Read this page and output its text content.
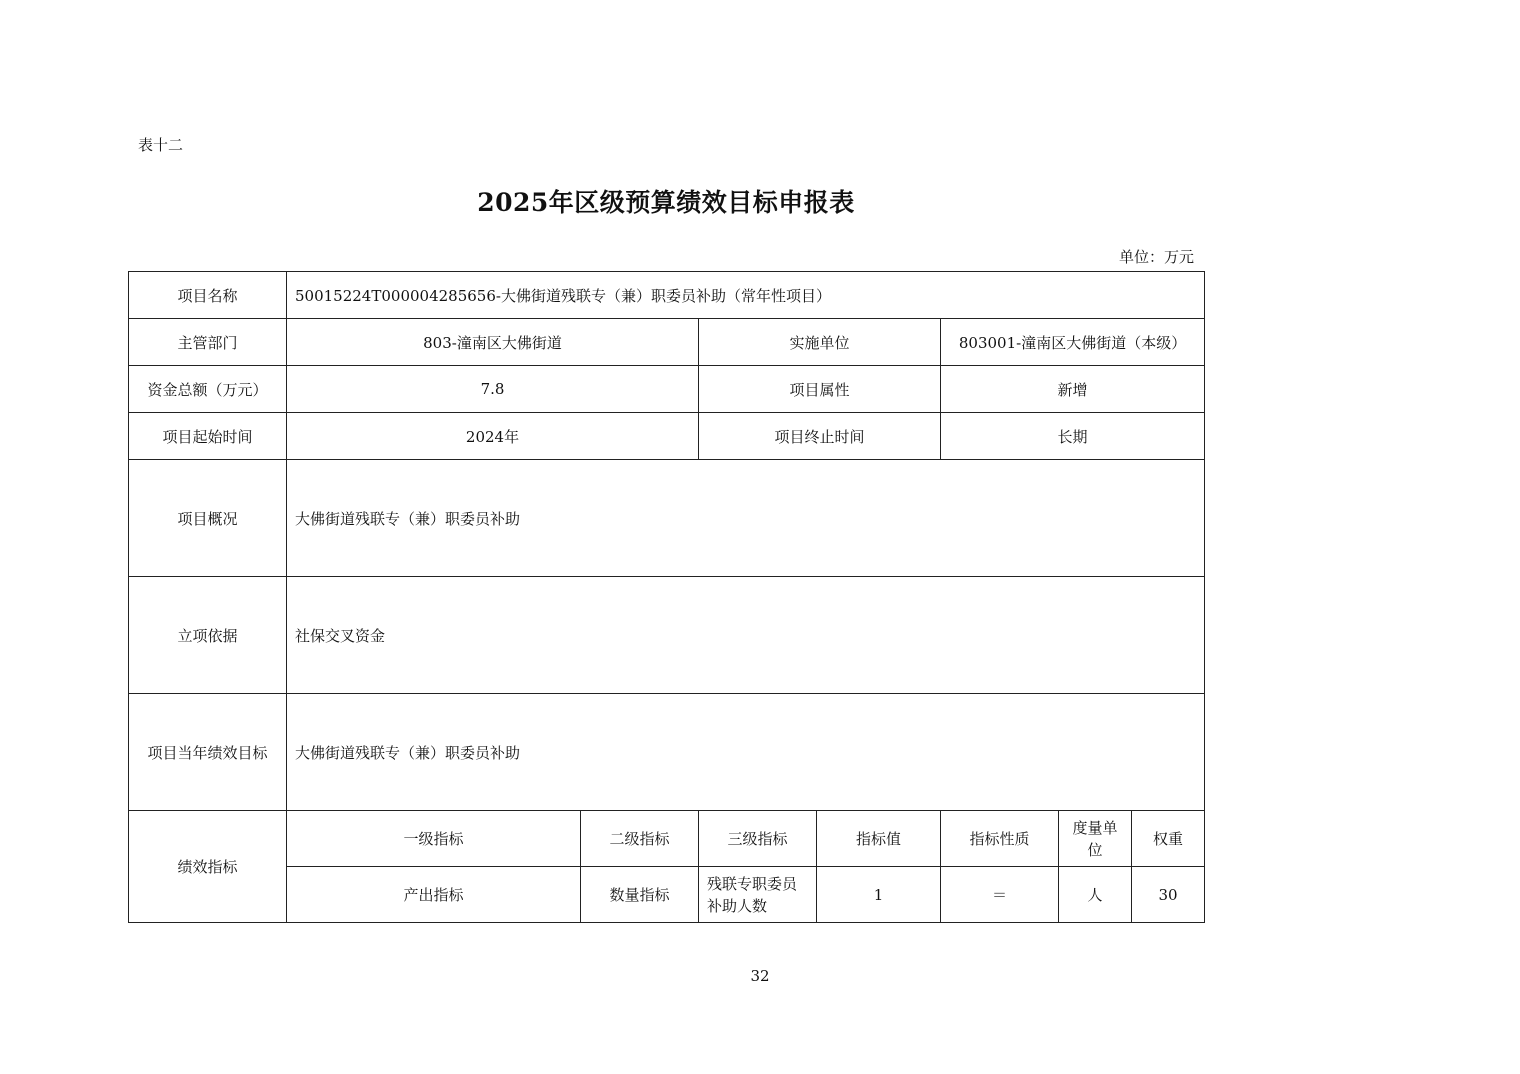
表十二
2025年区级预算绩效目标申报表
单位：万元
项目名称	50015224T000004285656-大佛街道残联专（兼）职委员补助（常年性项目）						
主管部门	803-潼南区大佛街道		实施单位		803001-潼南区大佛街道（本级）		
资金总额（万元）	7.8		项目属性		新增		
项目起始时间	2024年		项目终止时间		长期		
项目概况	大佛街道残联专（兼）职委员补助						
立项依据	社保交叉资金						
项目当年绩效目标	大佛街道残联专（兼）职委员补助						
绩效指标	一级指标	二级指标	三级指标	指标值	指标性质	度量单位	权重
	产出指标	数量指标	残联专职委员补助人数	1	＝	人	30
32
